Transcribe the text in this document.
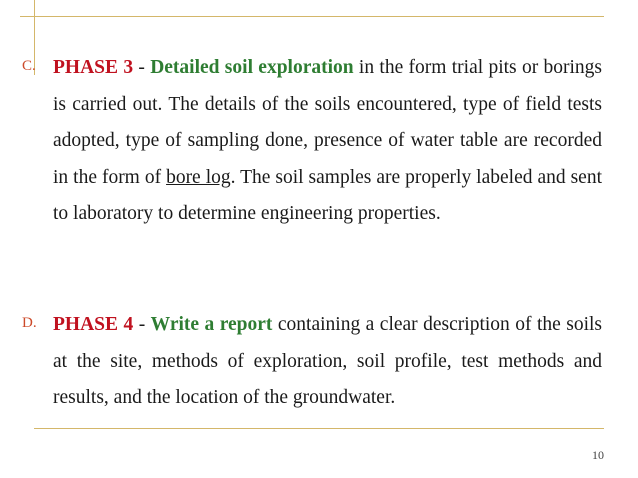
C. PHASE 3 - Detailed soil exploration in the form trial pits or borings is carried out. The details of the soils encountered, type of field tests adopted, type of sampling done, presence of water table are recorded in the form of bore log. The soil samples are properly labeled and sent to laboratory to determine engineering properties.
D. PHASE 4 - Write a report containing a clear description of the soils at the site, methods of exploration, soil profile, test methods and results, and the location of the groundwater.
10
